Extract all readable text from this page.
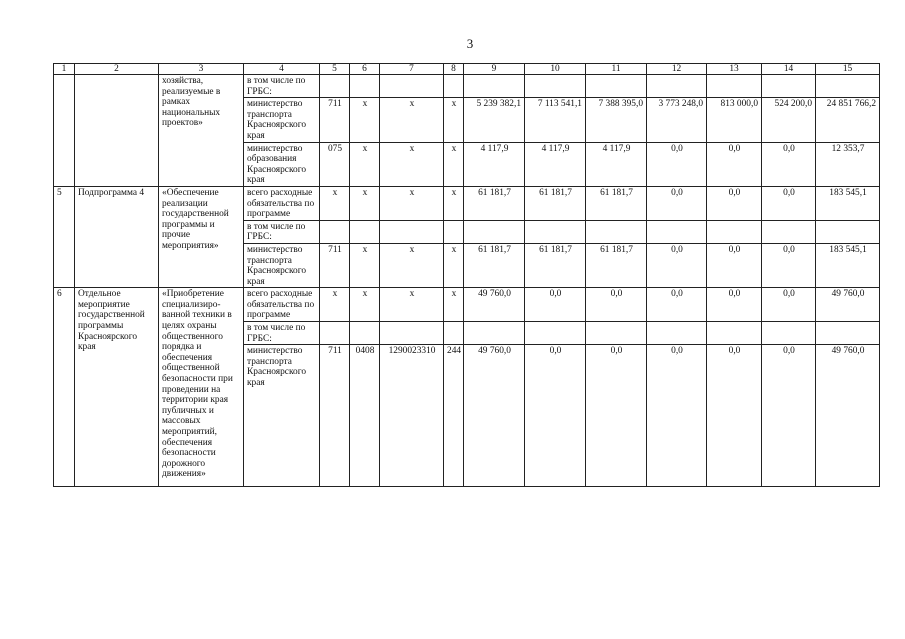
3
1	2	3	4	5	6	7	8	9	10	11	12	13	14	15
		хозяйства, реализуемые в рамках национальных проектов»	в том числе по ГРБС:											
			министерство транспорта Красноярского края	711	х	х	х	5 239 382,1	7 113 541,1	7 388 395,0	3 773 248,0	813 000,0	524 200,0	24 851 766,2
			министерство образования Красноярского края	075	х	х	х	4 117,9	4 117,9	4 117,9	0,0	0,0	0,0	12 353,7
5	Подпрограмма 4	«Обеспечение реализации государственной программы и прочие мероприятия»	всего расходные обязательства по программе	х	х	х	х	61 181,7	61 181,7	61 181,7	0,0	0,0	0,0	183 545,1
			в том числе по ГРБС:											
			министерство транспорта Красноярского края	711	х	х	х	61 181,7	61 181,7	61 181,7	0,0	0,0	0,0	183 545,1
6	Отдельное мероприятие государственной программы Красноярского края	«Приобретение специализиро-ванной техники в целях охраны общественного порядка и обеспечения общественной безопасности при проведении на территории края публичных и массовых мероприятий, обеспечения безопасности дорожного движения»	всего расходные обязательства по программе	х	х	х	х	49 760,0	0,0	0,0	0,0	0,0	0,0	49 760,0
			в том числе по ГРБС:											
			министерство транспорта Красноярского края	711	0408	1290023310	244	49 760,0	0,0	0,0	0,0	0,0	0,0	49 760,0
